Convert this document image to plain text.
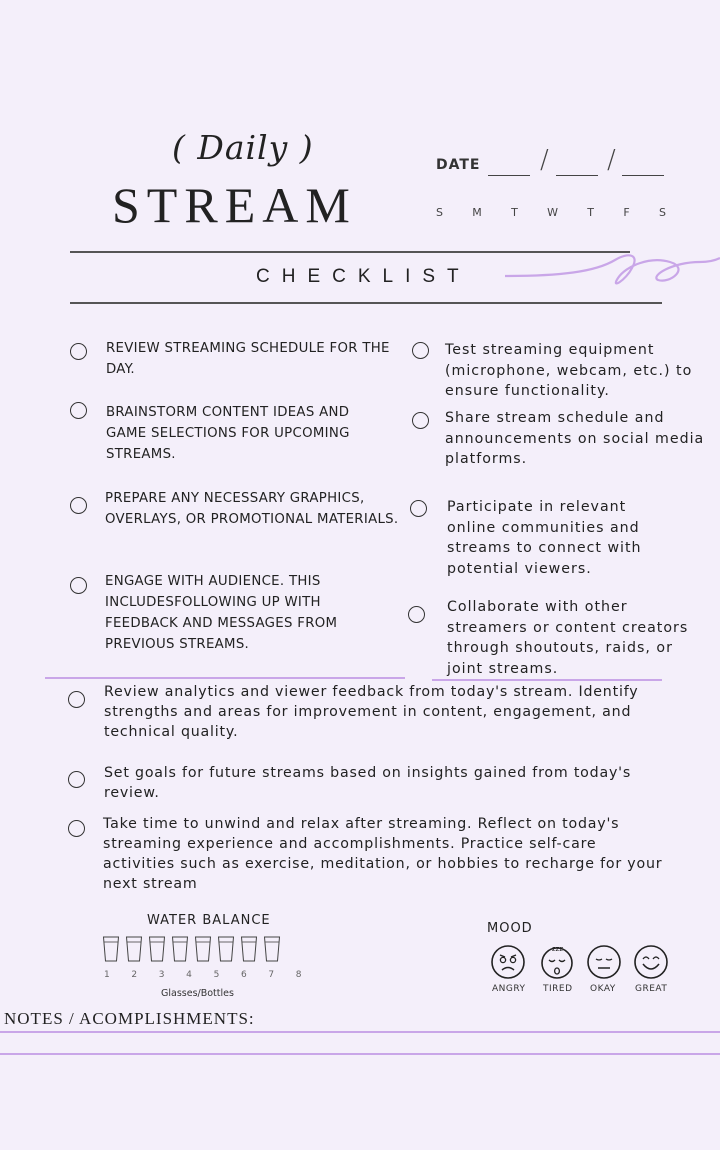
( Daily )
STREAM
DATE / /
S	M	T	W	T	F	S
CHECKLIST
REVIEW STREAMING SCHEDULE FOR THE DAY.
BRAINSTORM CONTENT IDEAS AND GAME SELECTIONS FOR UPCOMING STREAMS.
PREPARE ANY NECESSARY GRAPHICS, OVERLAYS, OR PROMOTIONAL MATERIALS.
ENGAGE WITH AUDIENCE. THIS INCLUDESFOLLOWING UP WITH FEEDBACK AND MESSAGES FROM PREVIOUS STREAMS.
Test streaming equipment (microphone, webcam, etc.) to ensure functionality.
Share stream schedule and announcements on social media platforms.
Participate in relevant online communities and streams to connect with potential viewers.
Collaborate with other streamers or content creators through shoutouts, raids, or joint streams.
Review analytics and viewer feedback from today's stream. Identify strengths and areas for improvement in content, engagement, and technical quality.
Set goals for future streams based on insights gained from today's review.
Take time to unwind and relax after streaming. Reflect on today's streaming experience and accomplishments. Practice self-care activities such as exercise, meditation, or hobbies to recharge for your next stream
WATER BALANCE
1	2	3	4	5	6	7	8
Glasses/Bottles
MOOD
zzz
ANGRY TIRED OKAY GREAT
NOTES / ACOMPLISHMENTS:
